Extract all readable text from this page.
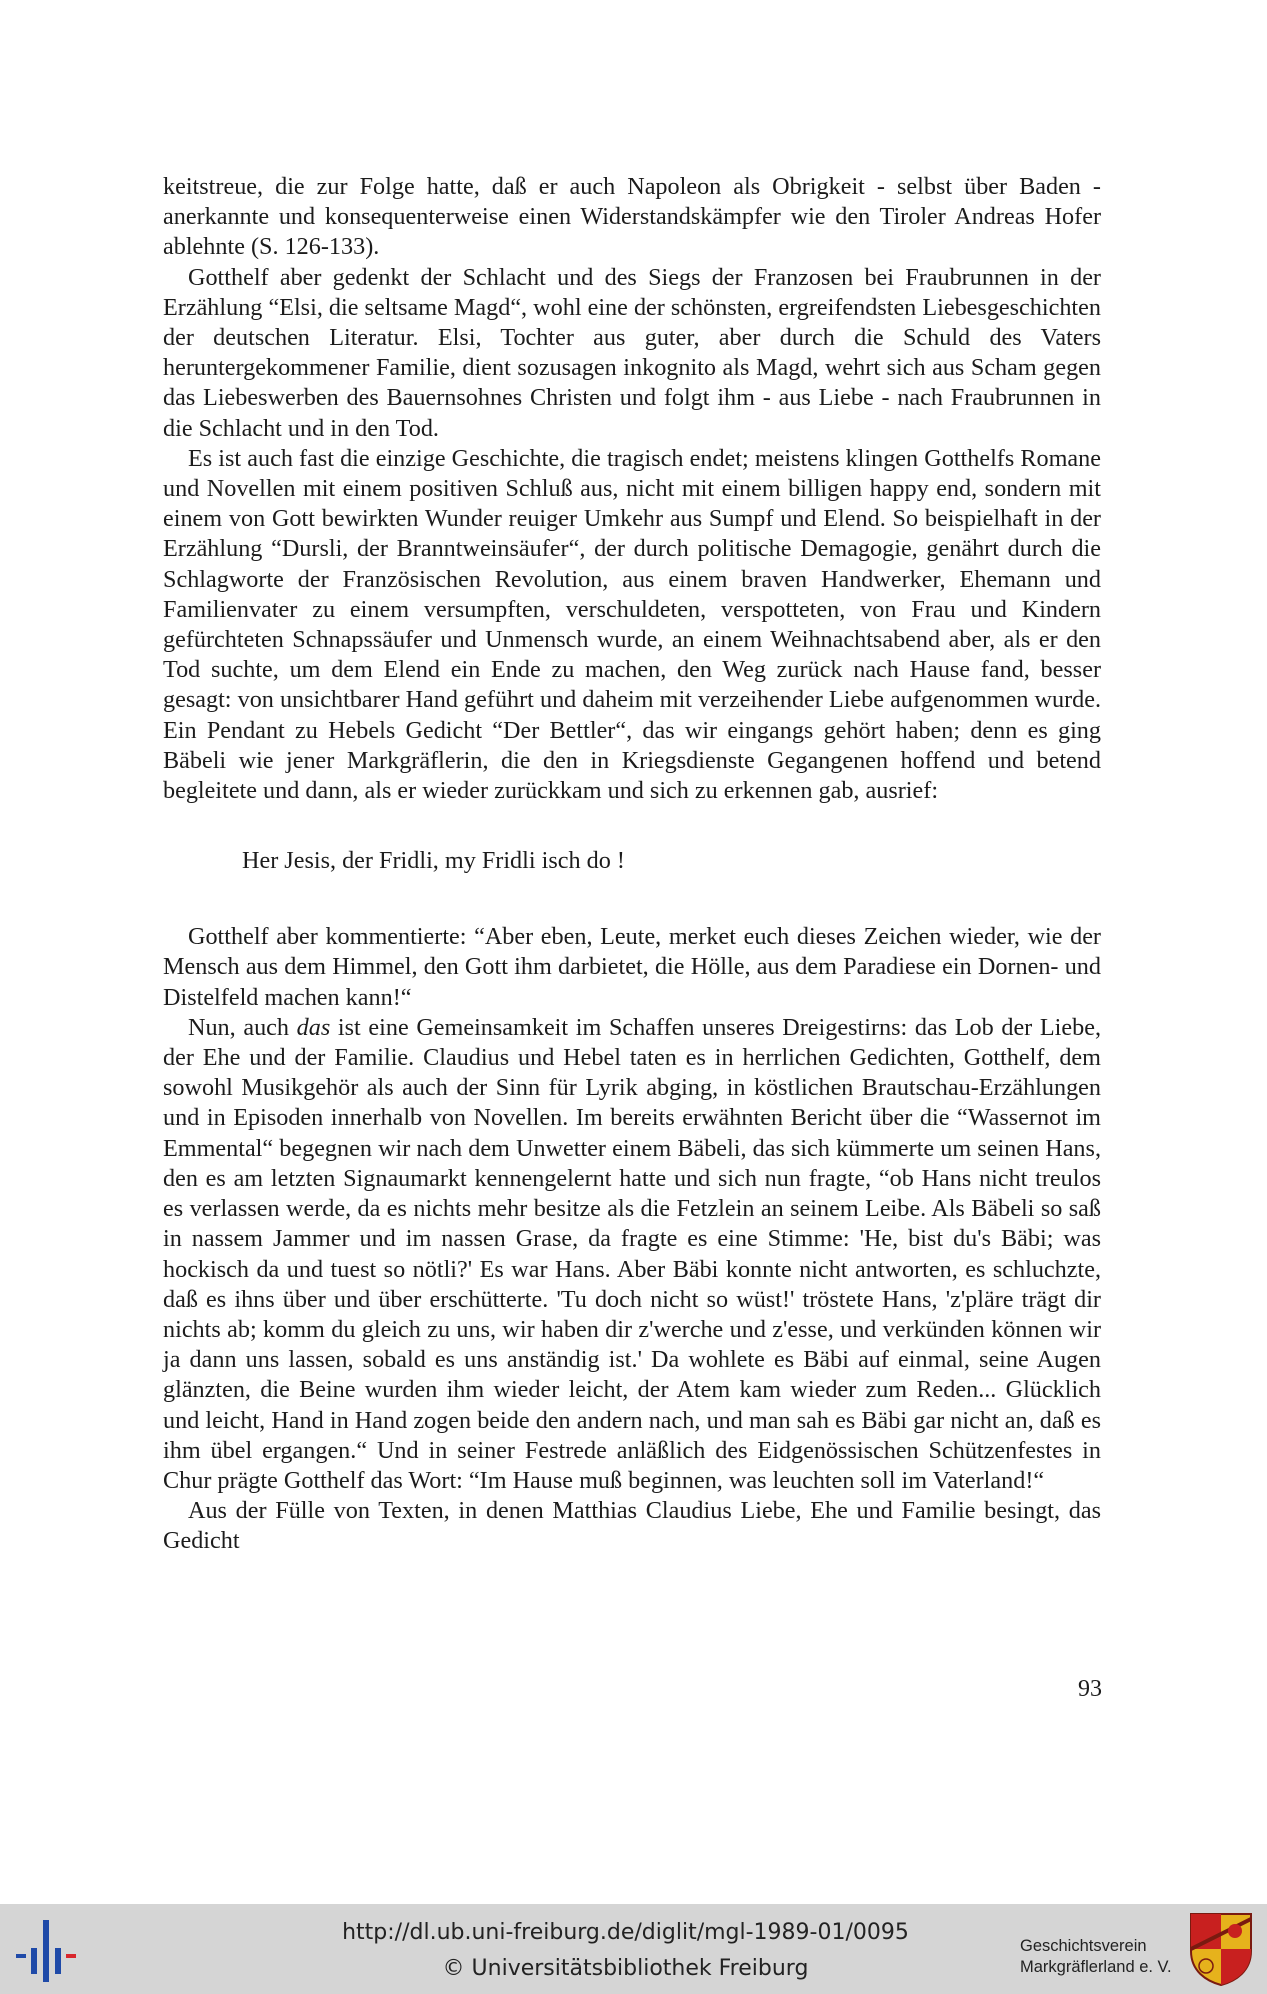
keitstreue, die zur Folge hatte, daß er auch Napoleon als Obrigkeit - selbst über Baden - anerkannte und konsequenterweise einen Widerstandskämpfer wie den Tiroler Andreas Hofer ablehnte (S. 126-133).

Gotthelf aber gedenkt der Schlacht und des Siegs der Franzosen bei Fraubrunnen in der Erzählung “Elsi, die seltsame Magd“, wohl eine der schönsten, ergreifendsten Liebesgeschichten der deutschen Literatur. Elsi, Tochter aus guter, aber durch die Schuld des Vaters heruntergekommener Familie, dient sozusagen inkognito als Magd, wehrt sich aus Scham gegen das Liebeswerben des Bauernsohnes Christen und folgt ihm - aus Liebe - nach Fraubrunnen in die Schlacht und in den Tod.

Es ist auch fast die einzige Geschichte, die tragisch endet; meistens klingen Gotthelfs Romane und Novellen mit einem positiven Schluß aus, nicht mit einem billigen happy end, sondern mit einem von Gott bewirkten Wunder reuiger Umkehr aus Sumpf und Elend. So beispielhaft in der Erzählung “Dursli, der Branntweinsäufer“, der durch politische Demagogie, genährt durch die Schlagworte der Französischen Revolution, aus einem braven Handwerker, Ehemann und Familienvater zu einem versumpften, verschuldeten, verspotteten, von Frau und Kindern gefürchteten Schnapssäufer und Unmensch wurde, an einem Weihnachtsabend aber, als er den Tod suchte, um dem Elend ein Ende zu machen, den Weg zurück nach Hause fand, besser gesagt: von unsichtbarer Hand geführt und daheim mit verzeihender Liebe aufgenommen wurde. Ein Pendant zu Hebels Gedicht “Der Bettler“, das wir eingangs gehört haben; denn es ging Bäbeli wie jener Markgräflerin, die den in Kriegsdienste Gegangenen hoffend und betend begleitete und dann, als er wieder zurückkam und sich zu erkennen gab, ausrief:

Her Jesis, der Fridli, my Fridli isch do !

Gotthelf aber kommentierte: “Aber eben, Leute, merket euch dieses Zeichen wieder, wie der Mensch aus dem Himmel, den Gott ihm darbietet, die Hölle, aus dem Paradiese ein Dornen- und Distelfeld machen kann!“

Nun, auch das ist eine Gemeinsamkeit im Schaffen unseres Dreigestirns: das Lob der Liebe, der Ehe und der Familie. Claudius und Hebel taten es in herrlichen Gedichten, Gotthelf, dem sowohl Musikgehör als auch der Sinn für Lyrik abging, in köstlichen Brautschau-Erzählungen und in Episoden innerhalb von Novellen. Im bereits erwähnten Bericht über die “Wassernot im Emmental“ begegnen wir nach dem Unwetter einem Bäbeli, das sich kümmerte um seinen Hans, den es am letzten Signaumarkt kennengelernt hatte und sich nun fragte, “ob Hans nicht treulos es verlassen werde, da es nichts mehr besitze als die Fetzlein an seinem Leibe. Als Bäbeli so saß in nassem Jammer und im nassen Grase, da fragte es eine Stimme: 'He, bist du's Bäbi; was hockisch da und tuest so nötli?' Es war Hans. Aber Bäbi konnte nicht antworten, es schluchzte, daß es ihns über und über erschütterte. 'Tu doch nicht so wüst!' tröstete Hans, 'z'pläre trägt dir nichts ab; komm du gleich zu uns, wir haben dir z'werche und z'esse, und verkünden können wir ja dann uns lassen, sobald es uns anständig ist.' Da wohlete es Bäbi auf einmal, seine Augen glänzten, die Beine wurden ihm wieder leicht, der Atem kam wieder zum Reden... Glücklich und leicht, Hand in Hand zogen beide den andern nach, und man sah es Bäbi gar nicht an, daß es ihm übel ergangen.“ Und in seiner Festrede anläßlich des Eidgenössischen Schützenfestes in Chur prägte Gotthelf das Wort: “Im Hause muß beginnen, was leuchten soll im Vaterland!“

Aus der Fülle von Texten, in denen Matthias Claudius Liebe, Ehe und Familie besingt, das Gedicht

93
http://dl.ub.uni-freiburg.de/diglit/mgl-1989-01/0095
© Universitätsbibliothek Freiburg
Geschichtsverein
Markgräflerland e. V.
